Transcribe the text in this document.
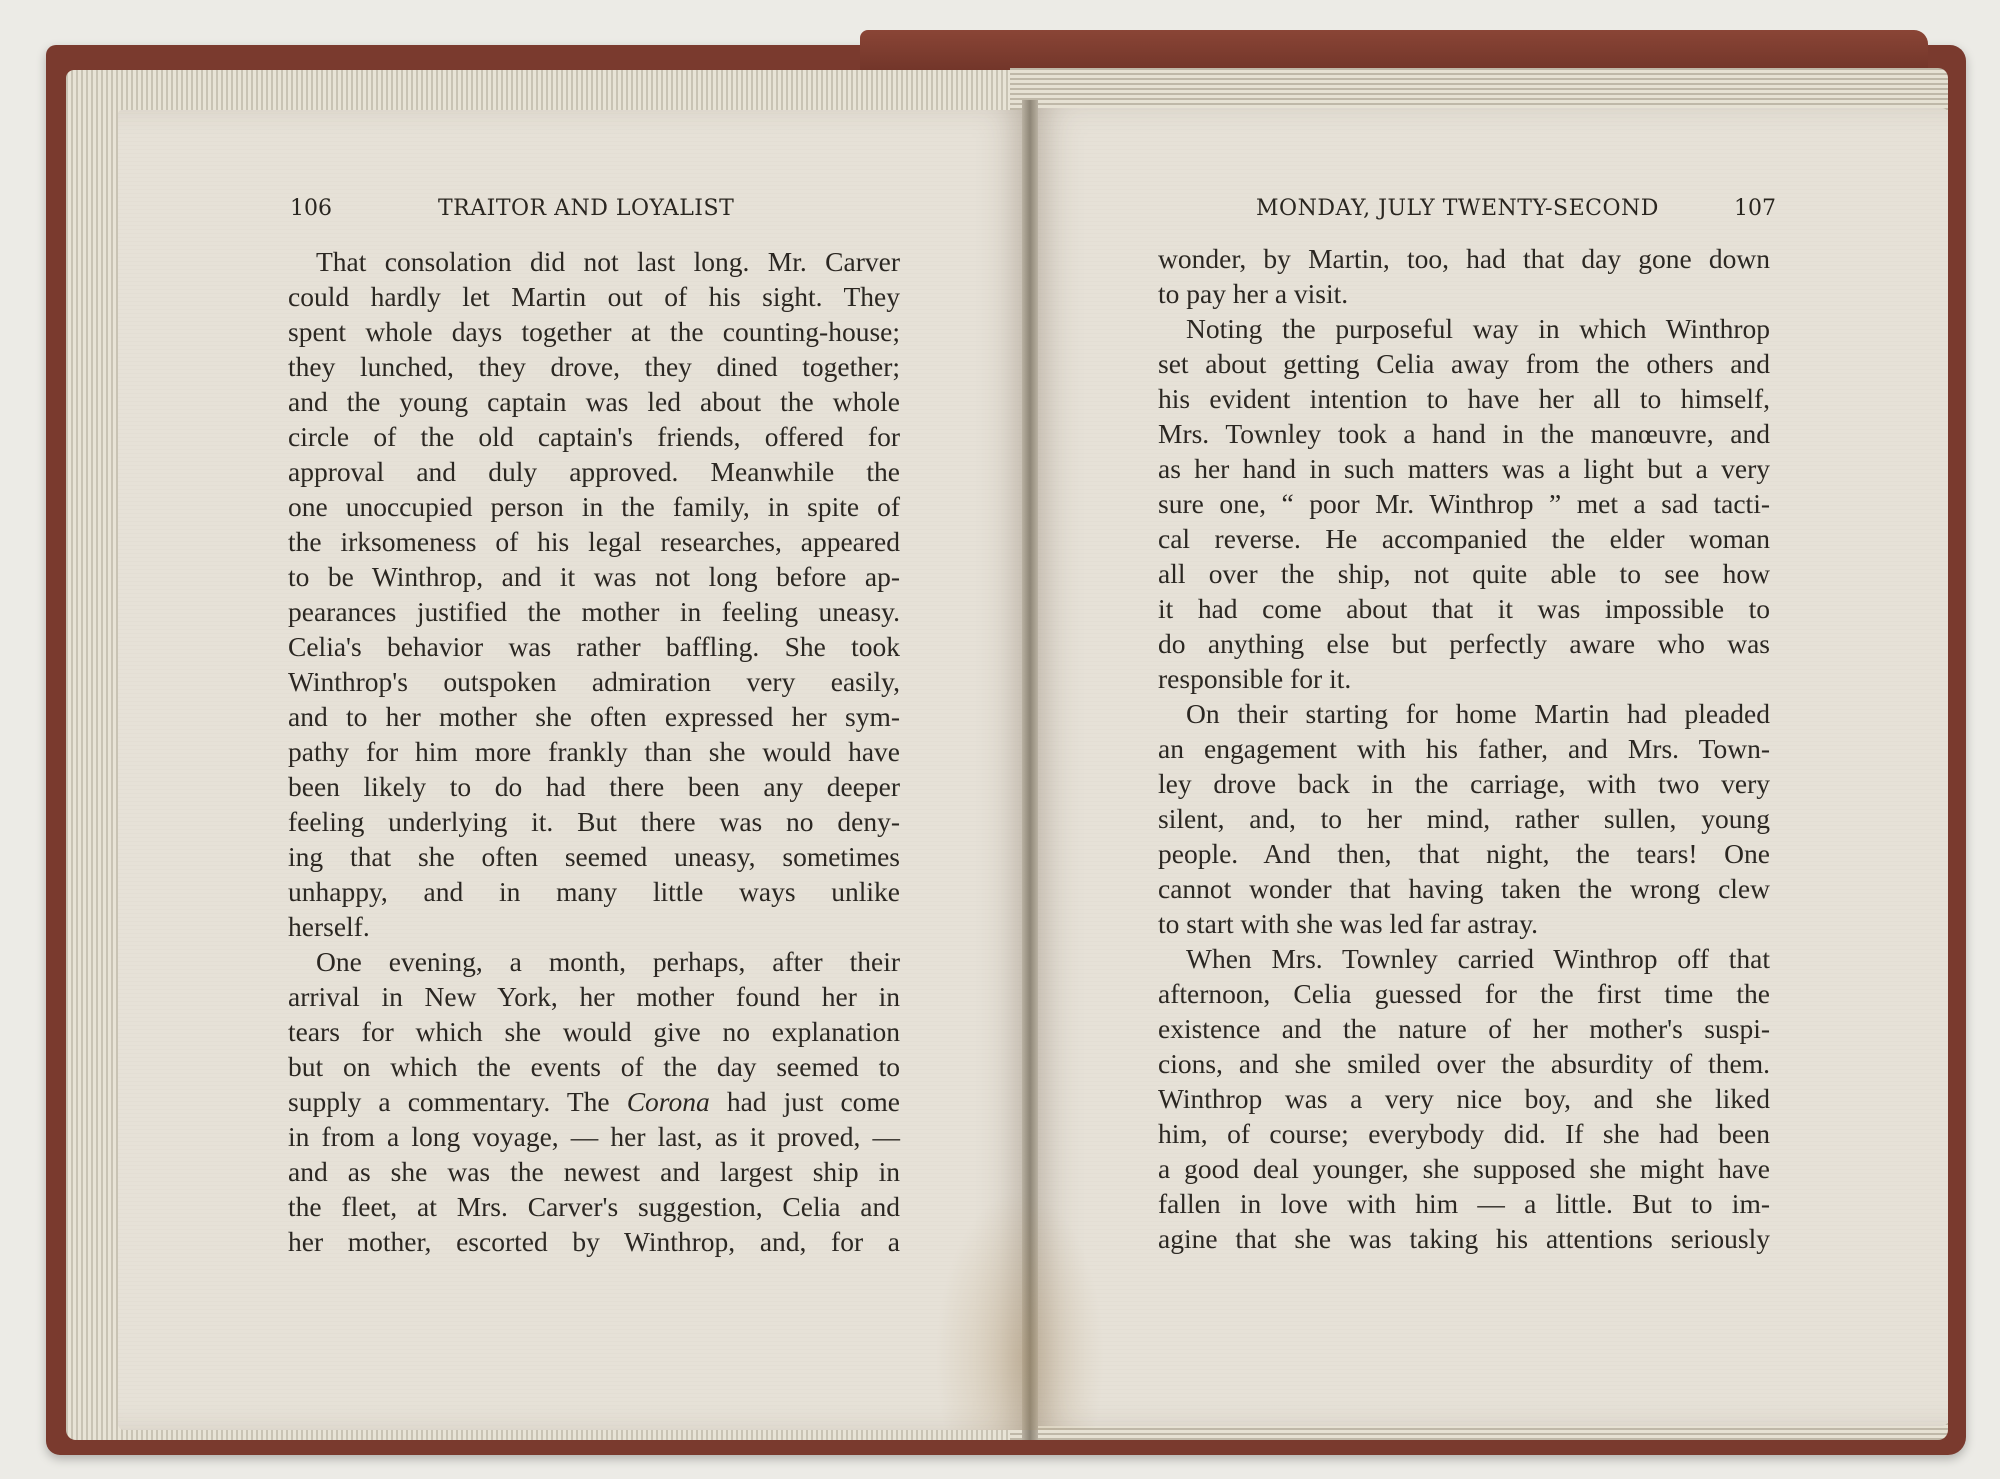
106	TRAITOR AND LOYALIST	MONDAY, JULY TWENTY-SECOND	107
That consolation did not last long. Mr. Carver
could hardly let Martin out of his sight. They
spent whole days together at the counting-house;
they lunched, they drove, they dined together;
and the young captain was led about the whole
circle of the old captain's friends, offered for
approval and duly approved. Meanwhile the
one unoccupied person in the family, in spite of
the irksomeness of his legal researches, appeared
to be Winthrop, and it was not long before ap-
pearances justified the mother in feeling uneasy.
Celia's behavior was rather baffling. She took
Winthrop's outspoken admiration very easily,
and to her mother she often expressed her sym-
pathy for him more frankly than she would have
been likely to do had there been any deeper
feeling underlying it. But there was no deny-
ing that she often seemed uneasy, sometimes
unhappy, and in many little ways unlike
herself.
One evening, a month, perhaps, after their
arrival in New York, her mother found her in
tears for which she would give no explanation
but on which the events of the day seemed to
supply a commentary. The Corona had just come
in from a long voyage, — her last, as it proved, —
and as she was the newest and largest ship in
the fleet, at Mrs. Carver's suggestion, Celia and
her mother, escorted by Winthrop, and, for a
wonder, by Martin, too, had that day gone down
to pay her a visit.
Noting the purposeful way in which Winthrop
set about getting Celia away from the others and
his evident intention to have her all to himself,
Mrs. Townley took a hand in the manœuvre, and
as her hand in such matters was a light but a very
sure one, “ poor Mr. Winthrop ” met a sad tacti-
cal reverse. He accompanied the elder woman
all over the ship, not quite able to see how
it had come about that it was impossible to
do anything else but perfectly aware who was
responsible for it.
On their starting for home Martin had pleaded
an engagement with his father, and Mrs. Town-
ley drove back in the carriage, with two very
silent, and, to her mind, rather sullen, young
people. And then, that night, the tears! One
cannot wonder that having taken the wrong clew
to start with she was led far astray.
When Mrs. Townley carried Winthrop off that
afternoon, Celia guessed for the first time the
existence and the nature of her mother's suspi-
cions, and she smiled over the absurdity of them.
Winthrop was a very nice boy, and she liked
him, of course; everybody did. If she had been
a good deal younger, she supposed she might have
fallen in love with him — a little. But to im-
agine that she was taking his attentions seriously
